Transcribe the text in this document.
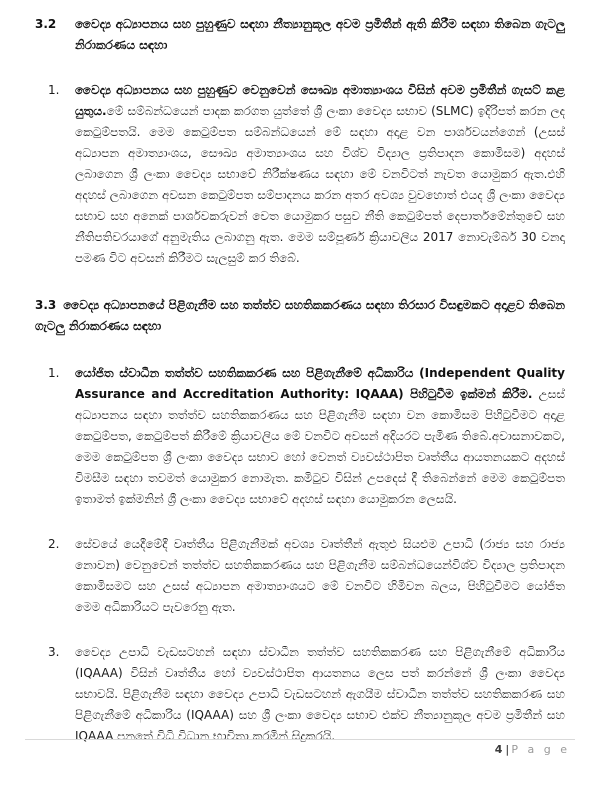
3.2	වෛද්‍ය අධ්‍යාපනය සහ පුහුණුව සඳහා නීත්‍යානුකූල අවම ප්‍රමිතීන් ඇති කිරීම සඳහා තිබෙන ගැටලු නිරාකරණය සඳහා
1.	වෛද්‍ය අධ්‍යාපනය සහ පුහුණුව වෙනුවෙන් සෞඛ්‍ය අමාත්‍යාංශය විසින් අවම ප්‍රමිතීන් ගැසට් කළ යුතුය.මේ සම්බන්ධයෙන් පාදක කරගත යුත්තේ ශ්‍රී ලංකා වෛද්‍ය සභාව (SLMC) ඉදිරිපත් කරන ලද කෙටුම්පතයි. මෙම කෙටුම්පත සම්බන්ධයෙන් මේ සඳහා අදාළ වන පාර්ශවයන්ගෙන් (උසස් අධ්‍යාපන අමාත්‍යාංශය, සෞඛ්‍ය අමාත්‍යාංශය සහ විශ්ව විද්‍යාල ප්‍රතිපාදන කොමිසම) අදහස් ලබාගෙන ශ්‍රී ලංකා වෛද්‍ය සභාවේ නිරීක්ෂණය සඳහා මේ වනවිටත් නැවත යොමුකර ඇත.එහි අදහස් ලබාගෙන අවසන කෙටුම්පත සම්පාදනය කරන අතර අවශ්‍ය වුවහොත් එයද ශ්‍රී ලංකා වෛද්‍ය සභාව සහ අනෙක් පාර්ශවකරුවන් වෙත යොමුකර පසුව නීති කෙටුම්පත් දෙපාර්තමේන්තුවේ සහ නීතිපතිවරයාගේ අනුමැතිය ලබාගනු ඇත. මෙම සම්පූර්ණ ක්‍රියාවලිය 2017 නොවැම්බර් 30 වනදා පමණ විට අවසන් කිරීමට සැලසුම් කර තිබේ.

3.3 වෛද්‍ය අධ්‍යාපනයේ පිළිගැනීම සහ තත්ත්ව සහතිකකරණය සඳහා තිරසාර විසඳුමකට අදාළව තිබෙන ගැටලු නිරාකරණය සඳහා
1.	යෝජිත ස්වාධීන තත්ත්ව සහතිකකරණ සහ පිළිගැනීමේ අධිකාරිය (Independent Quality Assurance and Accreditation Authority: IQAAA) පිහිටුවීම ඉක්මන් කිරීම. උසස් අධ්‍යාපනය සඳහා තත්ත්ව සහතිකකරණය සහ පිළිගැනීම සඳහා වන කොමිසම පිහිටුවීමට අදාළ කෙටුම්පත, කෙටුම්පත් කිරීමේ ක්‍රියාවලිය මේ වනවිට අවසන් අදියරට පැමිණ තිබේ.අවාසනාවකට, මෙම කෙටුම්පත ශ්‍රී ලංකා වෛද්‍ය සභාව හෝ වෙනත් ව්‍යවස්ථාපිත වෘත්තීය ආයතනයකට අදහස් විමසීම සඳහා තවමත් යොමුකර නොමැත. කමිටුව විසින් උපදෙස් දී තිබෙන්නේ මෙම කෙටුම්පත ඉතාමත් ඉක්මනින් ශ්‍රී ලංකා වෛද්‍ය සභාවේ අදහස් සඳහා යොමුකරන ලෙසයි.

2.	සේවයේ යෙදීමේදී වෘත්තීය පිළිගැනීමක් අවශ්‍ය වෘත්තීන් ඇතුළු සියළුම උපාධි (රාජ්‍ය සහ රාජ්‍ය නොවන) වෙනුවෙන් තත්ත්ව සහතිකකරණය සහ පිළිගැනීම සම්බන්ධයෙන්විශ්ව විද්‍යාල ප්‍රතිපාදන කොමිසමට සහ උසස් අධ්‍යාපන අමාත්‍යාංශයට මේ වනවිට හිමිවන බලය, පිහිටුවීමට යෝජිත මෙම අධිකාරියට පැවරෙනු ඇත.

3.	වෛද්‍ය උපාධි වැඩසටහන් සඳහා ස්වාධීන තත්ත්ව සහතිකකරණ සහ පිළිගැනීමේ අධිකාරිය (IQAAA) විසින් වෘත්තීය හෝ ව්‍යවස්ථාපිත ආයතනය ලෙස පත් කරන්නේ ශ්‍රී ලංකා වෛද්‍ය සභාවයි. පිළිගැනීම සඳහා වෛද්‍ය උපාධි වැඩසටහන් ඇගයීම ස්වාධීන තත්ත්ව සහතිකකරණ සහ පිළිගැනීමේ අධිකාරිය (IQAAA) සහ ශ්‍රී ලංකා වෛද්‍ය සභාව එක්ව නීත්‍යානුකූල අවම ප්‍රමිතීන් සහ IQAAA පනතේ විධි විධාන භාවිතා කරමින් සිදුකරයි.

4 | P a g e
